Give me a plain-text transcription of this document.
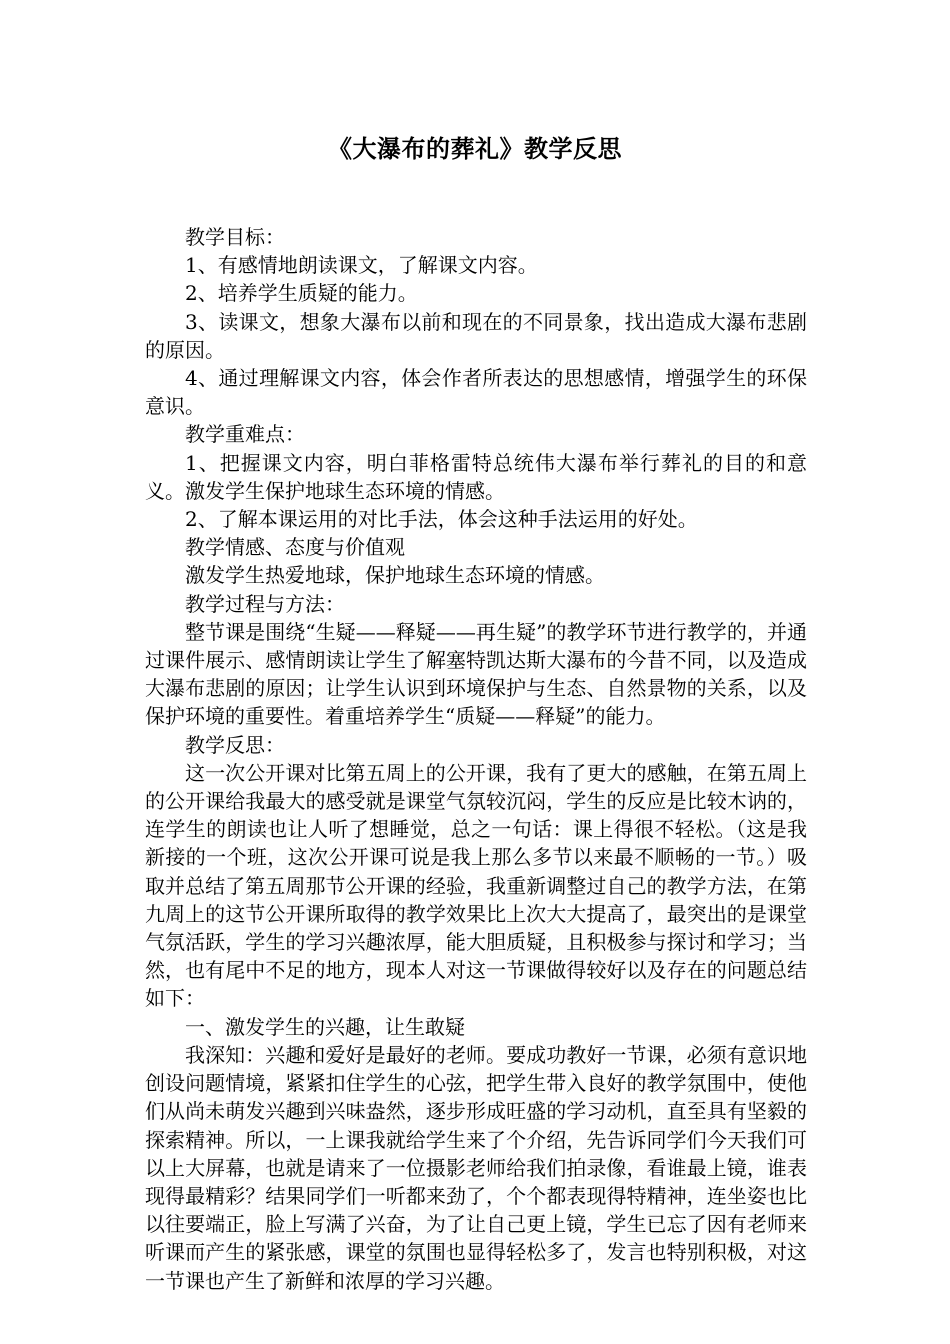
《大瀑布的葬礼》教学反思

教学目标：

1、有感情地朗读课文，了解课文内容。

2、培养学生质疑的能力。

3、读课文，想象大瀑布以前和现在的不同景象，找出造成大瀑布悲剧的原因。

4、通过理解课文内容，体会作者所表达的思想感情，增强学生的环保意识。

教学重难点：

1、把握课文内容，明白菲格雷特总统伟大瀑布举行葬礼的目的和意义。激发学生保护地球生态环境的情感。

2、了解本课运用的对比手法，体会这种手法运用的好处。

教学情感、态度与价值观

激发学生热爱地球，保护地球生态环境的情感。

教学过程与方法：

整节课是围绕“生疑——释疑——再生疑”的教学环节进行教学的，并通过课件展示、感情朗读让学生了解塞特凯达斯大瀑布的今昔不同，以及造成大瀑布悲剧的原因；让学生认识到环境保护与生态、自然景物的关系，以及保护环境的重要性。着重培养学生“质疑——释疑”的能力。

教学反思：

这一次公开课对比第五周上的公开课，我有了更大的感触，在第五周上的公开课给我最大的感受就是课堂气氛较沉闷，学生的反应是比较木讷的，连学生的朗读也让人听了想睡觉，总之一句话：课上得很不轻松。（这是我新接的一个班，这次公开课可说是我上那么多节以来最不顺畅的一节。）吸取并总结了第五周那节公开课的经验，我重新调整过自己的教学方法，在第九周上的这节公开课所取得的教学效果比上次大大提高了，最突出的是课堂气氛活跃，学生的学习兴趣浓厚，能大胆质疑，且积极参与探讨和学习；当然，也有尾中不足的地方，现本人对这一节课做得较好以及存在的问题总结如下：

一、激发学生的兴趣，让生敢疑

我深知：兴趣和爱好是最好的老师。要成功教好一节课，必须有意识地创设问题情境，紧紧扣住学生的心弦，把学生带入良好的教学氛围中，使他们从尚未萌发兴趣到兴味盎然，逐步形成旺盛的学习动机，直至具有坚毅的探索精神。所以，一上课我就给学生来了个介绍，先告诉同学们今天我们可以上大屏幕，也就是请来了一位摄影老师给我们拍录像，看谁最上镜，谁表现得最精彩？结果同学们一听都来劲了，个个都表现得特精神，连坐姿也比以往要端正，脸上写满了兴奋，为了让自己更上镜，学生已忘了因有老师来听课而产生的紧张感，课堂的氛围也显得轻松多了，发言也特别积极，对这一节课也产生了新鲜和浓厚的学习兴趣。
